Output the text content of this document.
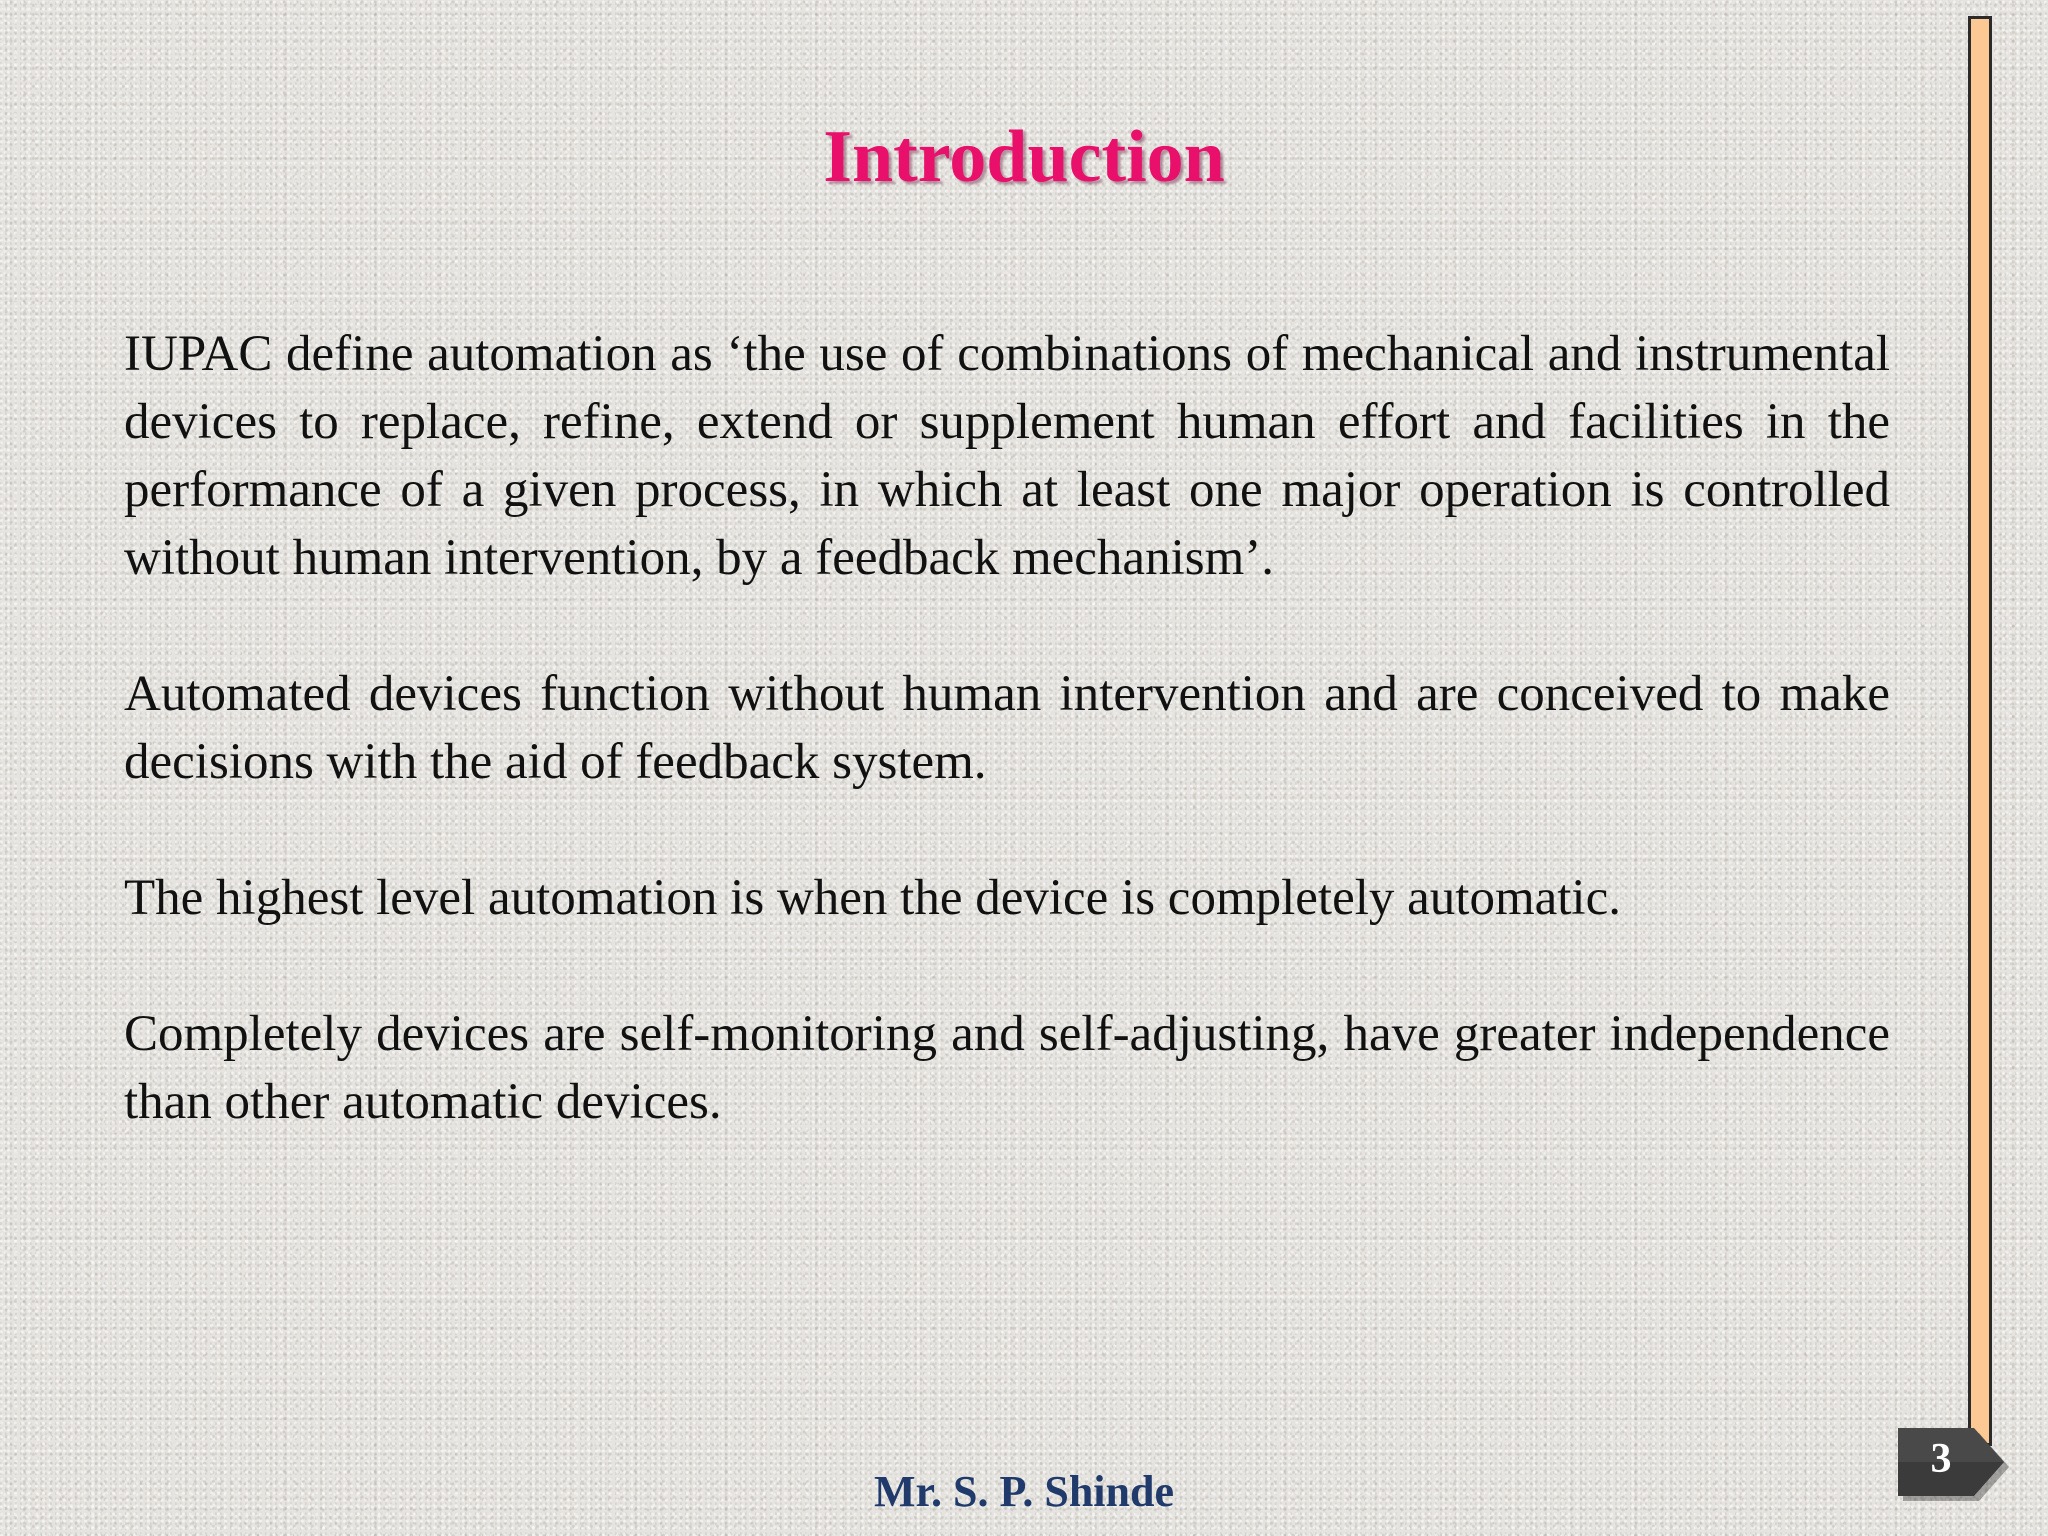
Introduction

IUPAC define automation as ‘the use of combinations of mechanical and instrumental devices to replace, refine, extend or supplement human effort and facilities in the performance of a given process, in which at least one major operation is controlled without human intervention, by a feedback mechanism’.

Automated devices function without human intervention and are conceived to make decisions with the aid of feedback system.

The highest level automation is when the device is completely automatic.

Completely devices are self-monitoring and self-adjusting, have greater independence than other automatic devices.

3
Mr. S. P. Shinde
